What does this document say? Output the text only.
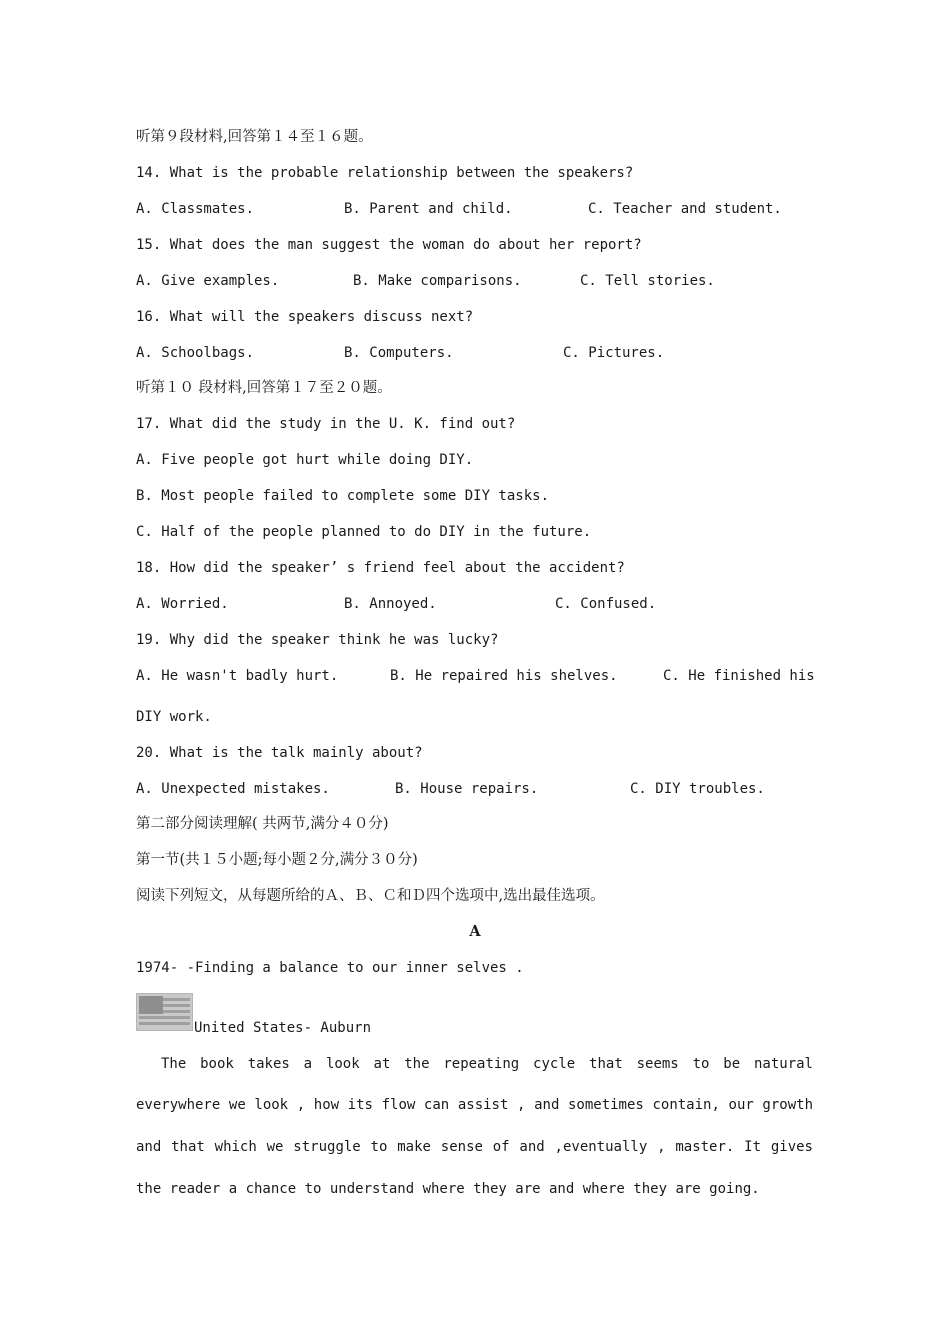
听第９段材料,回答第１４至１６题。
14. What is the probable relationship between the speakers?
A. Classmates.	B. Parent and child.	C. Teacher and student.
15. What does the man suggest the woman do about her report?
A. Give examples.	B. Make comparisons.	C. Tell stories.
16. What will the speakers discuss next?
A. Schoolbags.	B. Computers.	C. Pictures.
听第１０ 段材料,回答第１７至２０题。
17. What did the study in the U. K. find out?
A. Five people got hurt while doing DIY.
B. Most people failed to complete some DIY tasks.
C. Half of the people planned to do DIY in the future.
18. How did the speaker’ s friend feel about the accident?
A. Worried.	B. Annoyed.	C. Confused.
19. Why did the speaker think he was lucky?
A. He wasn't badly hurt.	B. He repaired his shelves.	C. He finished his
DIY work.
20. What is the talk mainly about?
A. Unexpected mistakes.	B. House repairs.	C. DIY troubles.
第二部分阅读理解( 共两节,满分４０分)
第一节(共１５小题;每小题２分,满分３０分)
阅读下列短文，从每题所给的Ａ、Ｂ、Ｃ和Ｄ四个选项中,选出最佳选项。
A
1974- -Finding a balance to our inner selves .
United States- Auburn
The book takes a look at the repeating cycle that seems to be natural
everywhere we look , how its flow can assist , and sometimes contain, our growth
and that which we struggle to make sense of and ,eventually , master. It gives
the reader a chance to understand where they are and where they are going.
